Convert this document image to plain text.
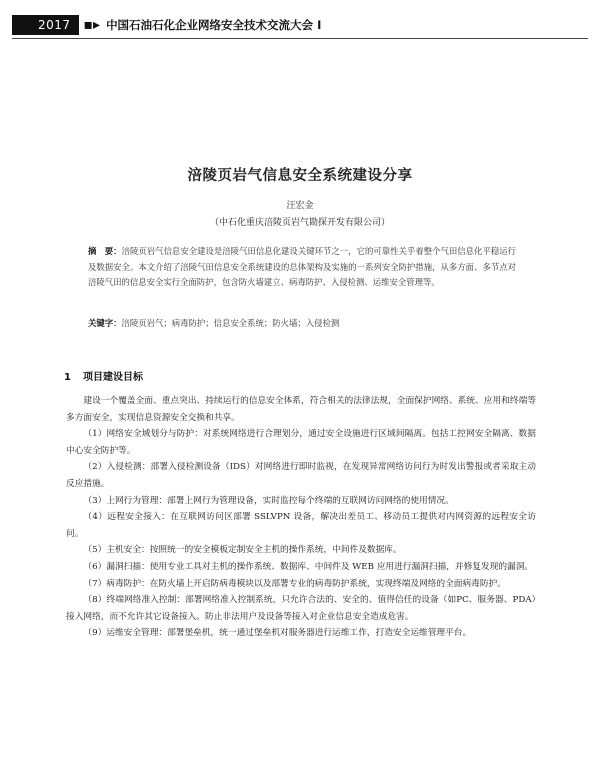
2017 ▪▸ 中国石油石化企业网络安全技术交流大会 I
涪陵页岩气信息安全系统建设分享
汪宏金
（中石化重庆涪陵页岩气勘探开发有限公司）
摘　要：涪陵页岩气信息安全建设是涪陵气田信息化建设关键环节之一，它的可靠性关乎着整个气田信息化平稳运行及数据安全。本文介绍了涪陵气田信息安全系统建设的总体架构及实施的一系列安全防护措施，从多方面、多节点对涪陵气田的信息安全实行全面防护，包含防火墙建立、病毒防护、入侵检测、运维安全管理等。
关键字：涪陵页岩气；病毒防护；信息安全系统；防火墙；入侵检测
1 项目建设目标

建设一个覆盖全面、重点突出、持续运行的信息安全体系，符合相关的法律法规，全面保护网络、系统、应用和终端等多方面安全，实现信息资源安全交换和共享。

（1）网络安全域划分与防护：对系统网络进行合理划分，通过安全设施进行区域间隔离。包括工控网安全隔离、数据中心安全防护等。

（2）入侵检测：部署入侵检测设备（IDS）对网络进行即时监视，在发现异常网络访问行为时发出警报或者采取主动反应措施。

（3）上网行为管理：部署上网行为管理设备，实时监控每个终端的互联网访问网络的使用情况。

（4）远程安全接入：在互联网访问区部署 SSLVPN 设备，解决出差员工、移动员工提供对内网资源的远程安全访问。

（5）主机安全：按照统一的安全模板定制安全主机的操作系统，中间件及数据库。

（6）漏洞扫描：使用专业工具对主机的操作系统、数据库、中间件及 WEB 应用进行漏洞扫描，并修复发现的漏洞。

（7）病毒防护：在防火墙上开启防病毒模块以及部署专业的病毒防护系统，实现终端及网络的全面病毒防护。

（8）终端网络准入控制：部署网络准入控制系统，只允许合法的、安全的、值得信任的设备（如PC、服务器、PDA）接入网络，而不允许其它设备接入。防止非法用户及设备等接入对企业信息安全造成危害。

（9）运维安全管理：部署堡垒机，统一通过堡垒机对服务器进行运维工作，打造安全运维管理平台。
